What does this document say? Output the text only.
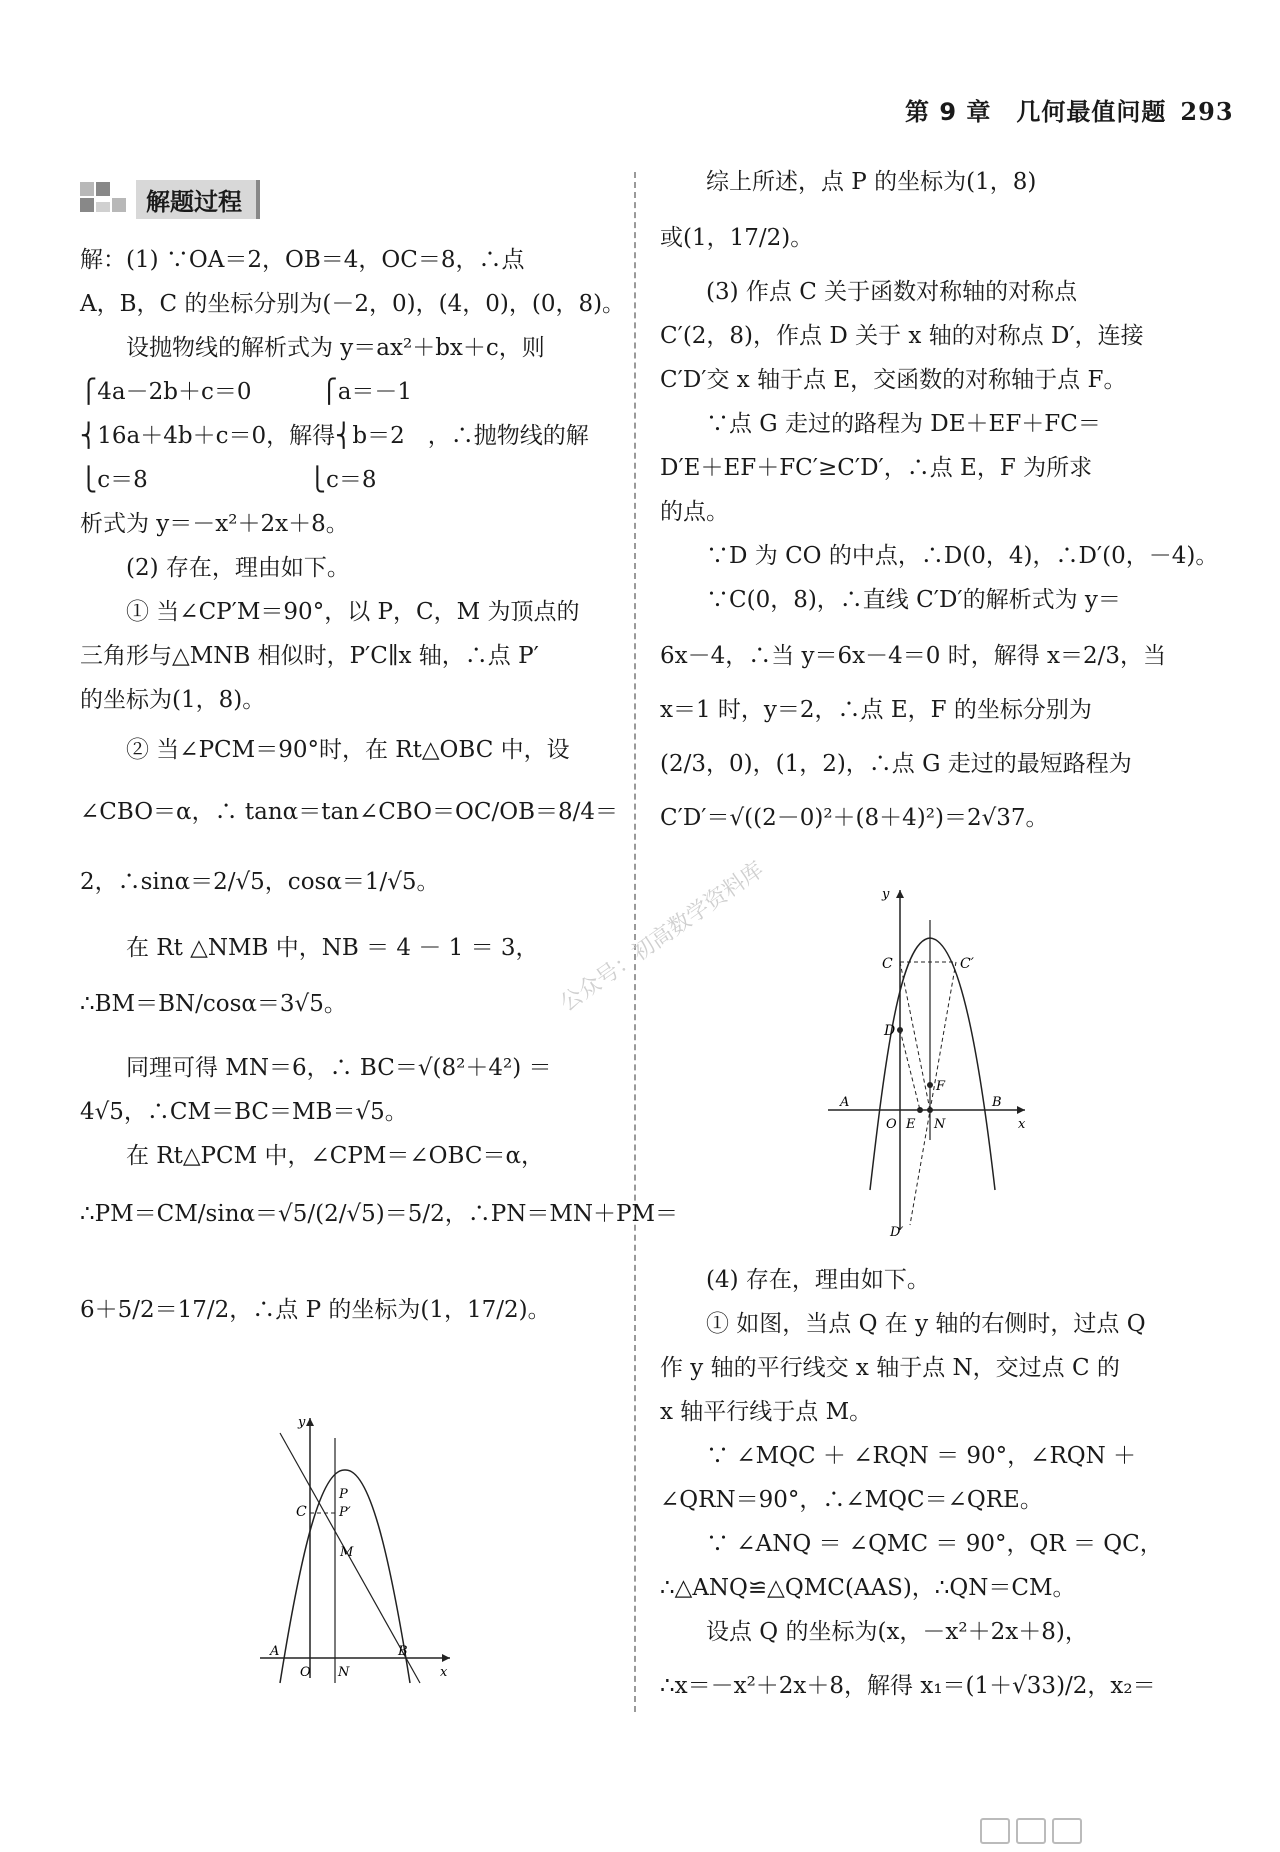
第 9 章　几何最值问题 293
解题过程

解：(1) ∵OA＝2，OB＝4，OC＝8，∴点

A，B，C 的坐标分别为(－2，0)，(4，0)，(0，8)。

　　设抛物线的解析式为 y＝ax²＋bx＋c，则

⎧4a－2b＋c＝0　　　⎧a＝－1

⎨16a＋4b＋c＝0，解得⎨b＝2　，∴抛物线的解

⎩c＝8　　　　　　　⎩c＝8

析式为 y＝－x²＋2x＋8。

　　(2) 存在，理由如下。

　　① 当∠CP′M＝90°，以 P，C，M 为顶点的

三角形与△MNB 相似时，P′C∥x 轴，∴点 P′

的坐标为(1，8)。

　　② 当∠PCM＝90°时，在 Rt△OBC 中，设

∠CBO＝α，∴ tanα＝tan∠CBO＝OC/OB＝8/4＝

2，∴sinα＝2/√5，cosα＝1/√5。

　　在 Rt △NMB 中，NB ＝ 4 － 1 ＝ 3，

∴BM＝BN/cosα＝3√5。

　　同理可得 MN＝6，∴ BC＝√(8²＋4²) ＝

4√5，∴CM＝BC＝MB＝√5。

　　在 Rt△PCM 中，∠CPM＝∠OBC＝α，

∴PM＝CM/sinα＝√5/(2/√5)＝5/2，∴PN＝MN＋PM＝

6＋5/2＝17/2，∴点 P 的坐标为(1，17/2)。

　　综上所述，点 P 的坐标为(1，8)

或(1，17/2)。

　　(3) 作点 C 关于函数对称轴的对称点

C′(2，8)，作点 D 关于 x 轴的对称点 D′，连接

C′D′交 x 轴于点 E，交函数的对称轴于点 F。

　　∵点 G 走过的路程为 DE＋EF＋FC＝

D′E＋EF＋FC′≥C′D′，∴点 E，F 为所求

的点。

　　∵D 为 CO 的中点，∴D(0，4)，∴D′(0，－4)。

　　∵C(0，8)，∴直线 C′D′的解析式为 y＝

6x－4，∴当 y＝6x－4＝0 时，解得 x＝2/3，当

x＝1 时，y＝2，∴点 E，F 的坐标分别为

(2/3，0)，(1，2)，∴点 G 走过的最短路程为

C′D′＝√((2－0)²＋(8＋4)²)＝2√37。

　　(4) 存在，理由如下。

　　① 如图，当点 Q 在 y 轴的右侧时，过点 Q

作 y 轴的平行线交 x 轴于点 N，交过点 C 的

x 轴平行线于点 M。

　　∵ ∠MQC ＋ ∠RQN ＝ 90°，∠RQN ＋

∠QRN＝90°，∴∠MQC＝∠QRE。

　　∵ ∠ANQ ＝ ∠QMC ＝ 90°，QR ＝ QC，

∴△ANQ≌△QMC(AAS)，∴QN＝CM。

　　设点 Q 的坐标为(x，－x²＋2x＋8)，

∴x＝－x²＋2x＋8，解得 x₁＝(1＋√33)/2，x₂＝

C
P
P′
M
A
O N
B
x
y
y
C	C′
D
F
A
O E N
B
x
D′
公众号：初高数学资料库
